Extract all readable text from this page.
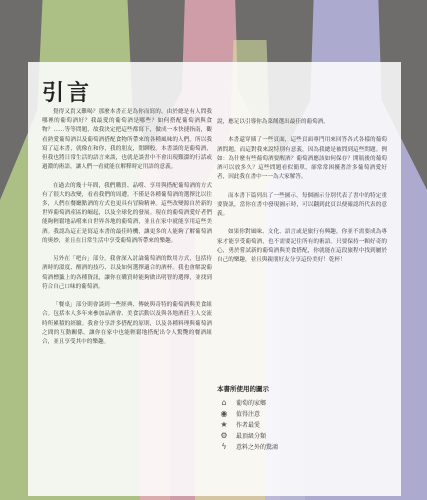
引言

覺得又貴又難喝？那麼本書正是為你而寫的。由於總是有人問我哪裡的葡萄酒好？我最愛的葡萄酒是哪些？如何搭配葡萄酒與食物？……等等問題，故我決定把這些都寫下，做成一本快捷指南，觀看熟愛葡萄酒以及葡萄酒搭配食物所帶來的各種風味的人們。所以我寫了這本書，就像在和你，我的朋友，閒聊般。本書談的是葡萄酒，但我也將日常生活的語言來談，也就是談書中不會出現艱澀的行話或過濃的術語，讓人們一看就能在解釋時定用語的意義。

在過去的幾十年間，我們購買、品嚐、享用與搭配葡萄酒的方式有了很大的改變，看看我們的周遭。不僅是各種葡萄酒的選擇比以往多，人們在餐廳點酒的方式也更具有冒險精神。這些改變源自於新的世界葡萄酒產區的崛起，以及全球化的發展。現在的葡萄酒愛好者們能夠輕鬆地品嚐來自世界各地的葡萄酒，並且在家中就能享用這些美酒。我認為這正是寫這本書的最佳時機，讓更多的人能夠了解葡萄酒的奧妙，並且在日常生活中享受葡萄酒所帶來的樂趣。

另外在「吧台」部分，我會深入討論葡萄酒的飲用方式，包括侍酒時的溫度、醒酒的技巧、以及如何選擇適合的酒杯。我也會解說葡萄酒標籤上的各種資訊，讓你在購買時能夠做出明智的選擇，並找到符合自己口味的葡萄酒。

「餐桌」部分則會談到一些經典、傳統與奇特的葡萄酒與美食組合。包括本人多年來參加品酒會、美食活動以及與各地酒莊主人交流時所累積的經驗。我會分享許多搭配的原則，以及各種料理與葡萄酒之間的互動關係，讓你在家中也能輕鬆地搭配出令人驚艷的餐酒組合，並且享受其中的樂趣。

說，應足以引導你為菜餚選出最佳的葡萄酒。

本書還穿插了一些頁面，這些頁面專門用來回答各式各樣的葡萄酒問題，而這對我來說特別有意義，因為我總是被問到這些問題。例如：為什麼有些葡萄酒要醒酒？葡萄酒應該如何保存？開瓶後的葡萄酒可以放多久？這些問題看似簡單，卻常常困擾著許多葡萄酒愛好者，因此我在書中一一為大家解答。

而本書下篇列出了一些圖示，每個圖示分別代表了書中的特定重要資訊，當你在書中發現圖示時，可以翻到此頁以便確認所代表的意義。

如果你對風味、文化、語言或是旅行有興趣，你並不需要成為專家才能享受葡萄酒，也不需要記住所有的術語。只要保持一顆好奇的心，勇於嘗試新的葡萄酒與美食搭配，你就能在這段旅程中找到屬於自己的樂趣，並且與親朋好友分享這份美好！乾杯！

本書所使用的圖示
⌂	葡萄的家鄉
◉	值得注意
★	作者最愛
⚙	最頂級分類
ϟ	意料之外的驚鴻
